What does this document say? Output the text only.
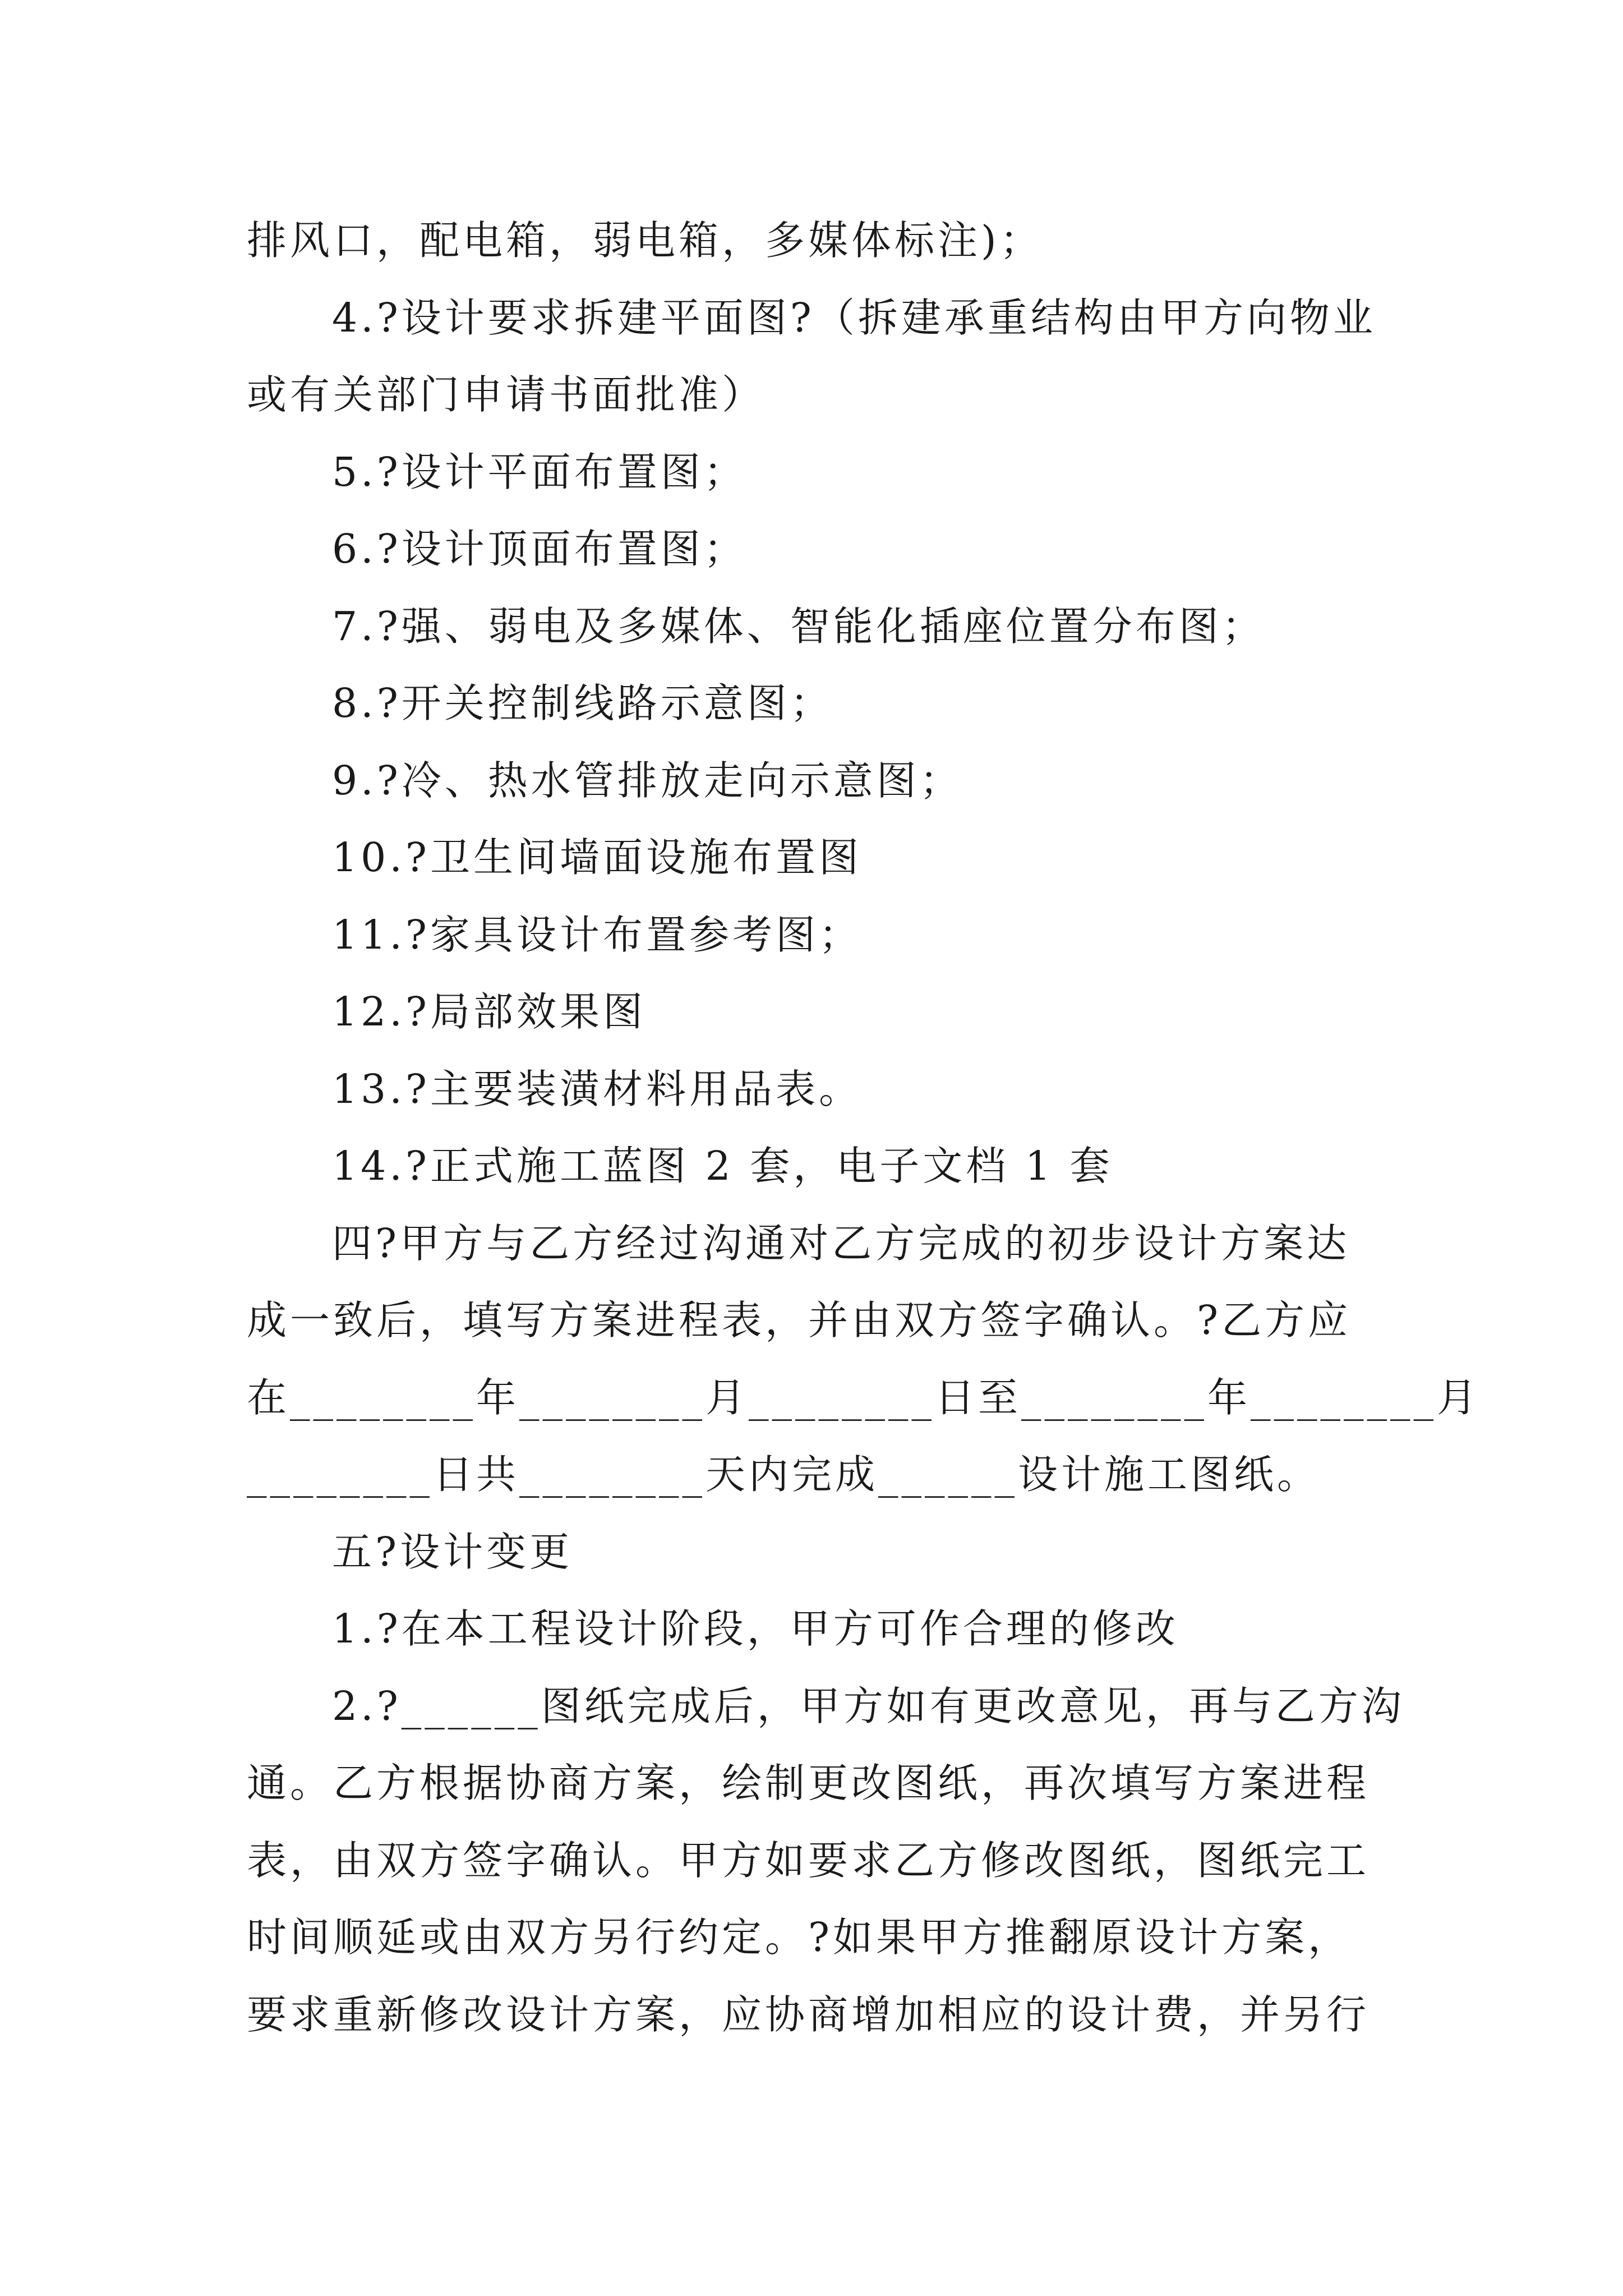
排风口，配电箱，弱电箱，多媒体标注)；
4.?设计要求拆建平面图?（拆建承重结构由甲方向物业
或有关部门申请书面批准）
5.?设计平面布置图；
6.?设计顶面布置图；
7.?强、弱电及多媒体、智能化插座位置分布图；
8.?开关控制线路示意图；
9.?冷、热水管排放走向示意图；
10.?卫生间墙面设施布置图
11.?家具设计布置参考图；
12.?局部效果图
13.?主要装潢材料用品表。
14.?正式施工蓝图 2 套，电子文档 1 套
四?甲方与乙方经过沟通对乙方完成的初步设计方案达
成一致后，填写方案进程表，并由双方签字确认。?乙方应
在________年________月________日至________年________月
________日共________天内完成______设计施工图纸。
五?设计变更
1.?在本工程设计阶段，甲方可作合理的修改
2.?______图纸完成后，甲方如有更改意见，再与乙方沟
通。乙方根据协商方案，绘制更改图纸，再次填写方案进程
表，由双方签字确认。甲方如要求乙方修改图纸，图纸完工
时间顺延或由双方另行约定。?如果甲方推翻原设计方案，
要求重新修改设计方案，应协商增加相应的设计费，并另行
